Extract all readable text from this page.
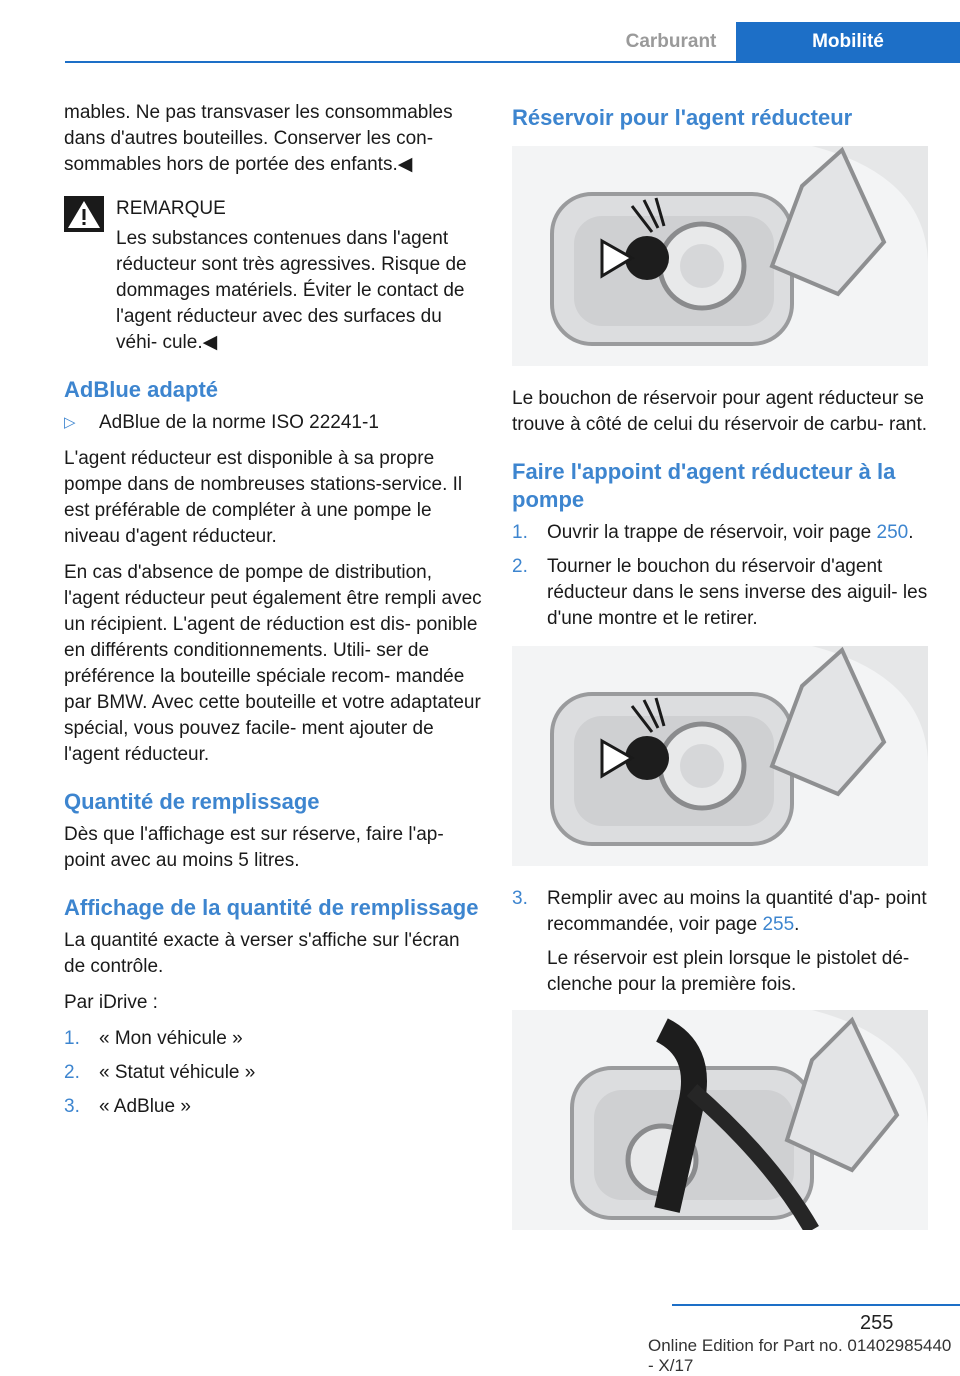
Carburant	Mobilité

mables. Ne pas transvaser les consommables dans d'autres bouteilles. Conserver les con‐ sommables hors de portée des enfants.◀

REMARQUE

Les substances contenues dans l'agent réducteur sont très agressives. Risque de dommages matériels. Éviter le contact de l'agent réducteur avec des surfaces du véhi‐ cule.◀

AdBlue adapté
▷ AdBlue de la norme ISO 22241-1

L'agent réducteur est disponible à sa propre pompe dans de nombreuses stations-service. Il est préférable de compléter à une pompe le niveau d'agent réducteur.

En cas d'absence de pompe de distribution, l'agent réducteur peut également être rempli avec un récipient. L'agent de réduction est dis‐ ponible en différents conditionnements. Utili‐ ser de préférence la bouteille spéciale recom‐ mandée par BMW. Avec cette bouteille et votre adaptateur spécial, vous pouvez facile‐ ment ajouter de l'agent réducteur.

Quantité de remplissage

Dès que l'affichage est sur réserve, faire l'ap‐ point avec au moins 5 litres.

Affichage de la quantité de remplissage

La quantité exacte à verser s'affiche sur l'écran de contrôle.

Par iDrive :

1. « Mon véhicule »
2. « Statut véhicule »
3. « AdBlue »
Réservoir pour l'agent réducteur

Le bouchon de réservoir pour agent réducteur se trouve à côté de celui du réservoir de carbu‐ rant.

Faire l'appoint d'agent réducteur à la pompe
1. Ouvrir la trappe de réservoir, voir page 250.
2. Tourner le bouchon du réservoir d'agent réducteur dans le sens inverse des aiguil‐ les d'une montre et le retirer.
3. Remplir avec au moins la quantité d'ap‐ point recommandée, voir page 255.
Le réservoir est plein lorsque le pistolet dé‐ clenche pour la première fois.
255
Online Edition for Part no. 01402985440 - X/17
